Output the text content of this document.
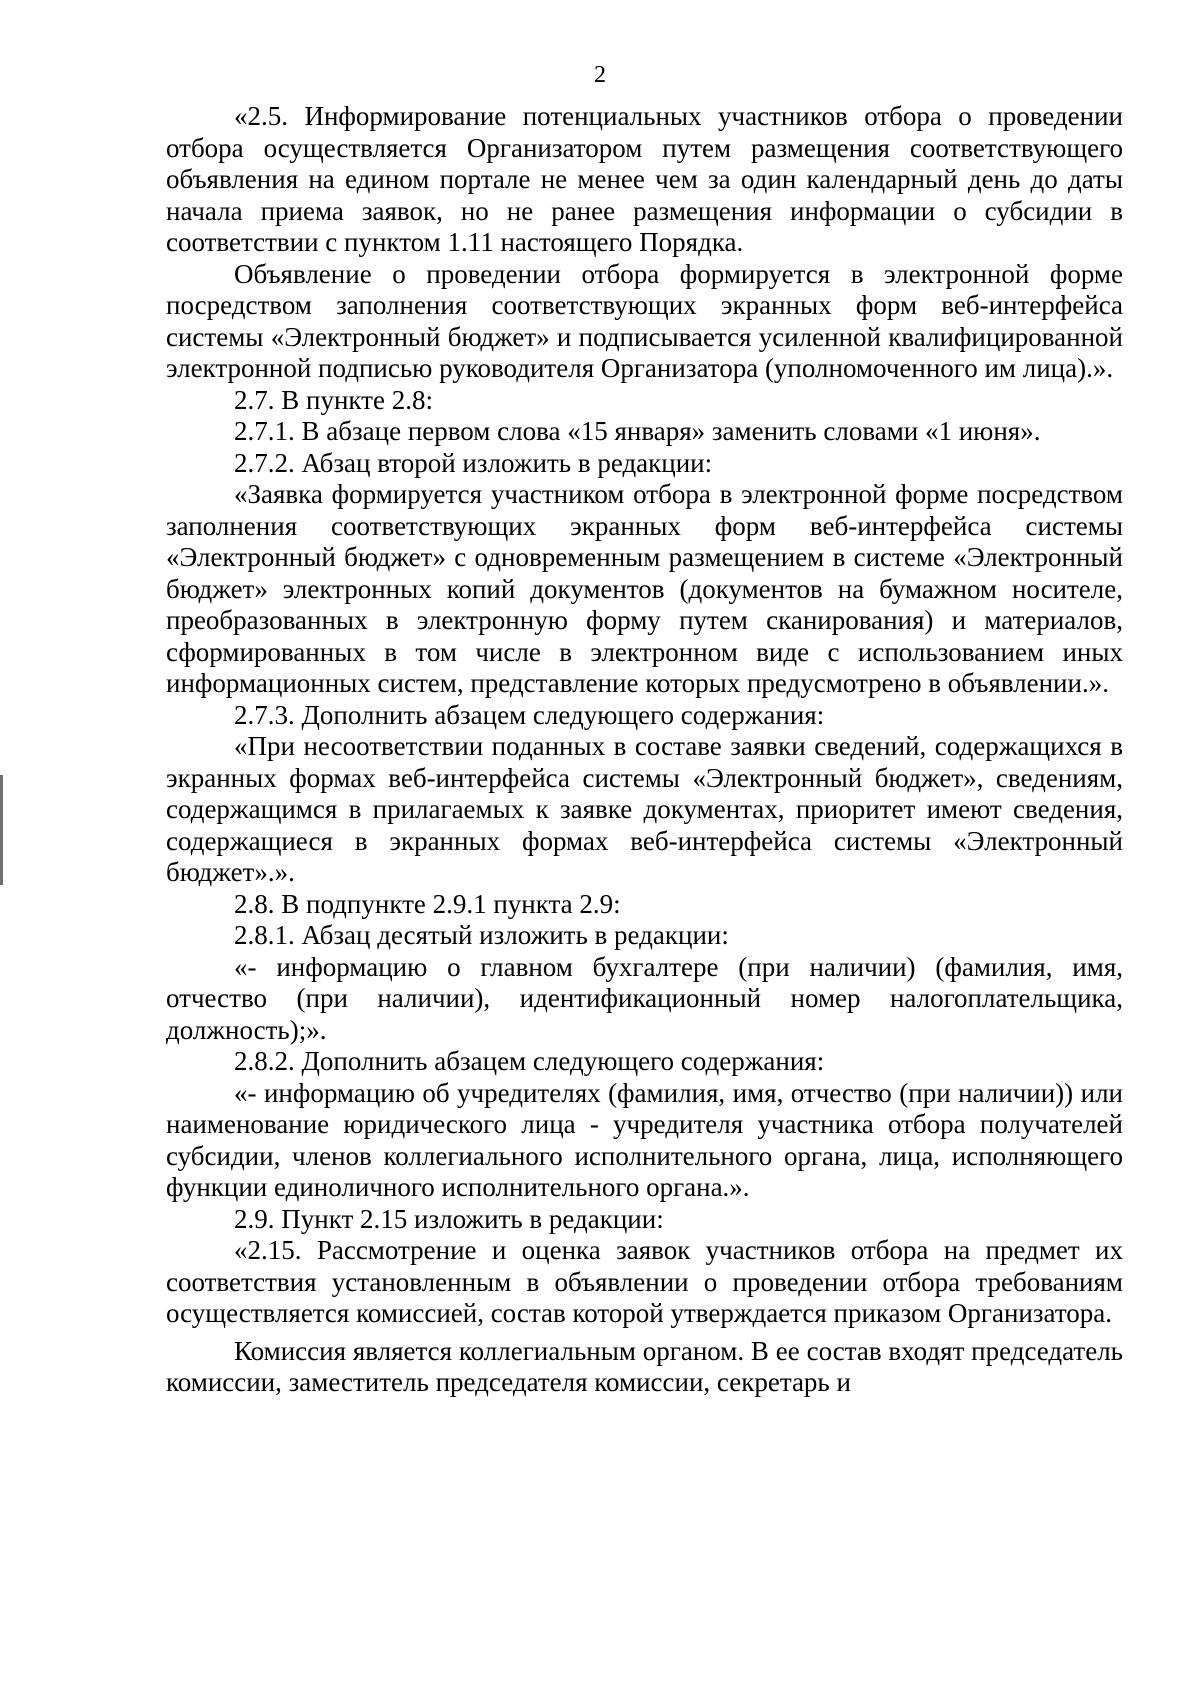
2

«2.5. Информирование потенциальных участников отбора о проведении отбора осуществляется Организатором путем размещения соответствующего объявления на едином портале не менее чем за один календарный день до даты начала приема заявок, но не ранее размещения информации о субсидии в соответствии с пунктом 1.11 настоящего Порядка.

Объявление о проведении отбора формируется в электронной форме посредством заполнения соответствующих экранных форм веб-интерфейса системы «Электронный бюджет» и подписывается усиленной квалифицированной электронной подписью руководителя Организатора (уполномоченного им лица).».

2.7. В пункте 2.8:

2.7.1. В абзаце первом слова «15 января» заменить словами «1 июня».

2.7.2. Абзац второй изложить в редакции:

«Заявка формируется участником отбора в электронной форме посредством заполнения соответствующих экранных форм веб-интерфейса системы «Электронный бюджет» с одновременным размещением в системе «Электронный бюджет» электронных копий документов (документов на бумажном носителе, преобразованных в электронную форму путем сканирования) и материалов, сформированных в том числе в электронном виде с использованием иных информационных систем, представление которых предусмотрено в объявлении.».

2.7.3. Дополнить абзацем следующего содержания:

«При несоответствии поданных в составе заявки сведений, содержащихся в экранных формах веб-интерфейса системы «Электронный бюджет», сведениям, содержащимся в прилагаемых к заявке документах, приоритет имеют сведения, содержащиеся в экранных формах веб-интерфейса системы «Электронный бюджет».».

2.8. В подпункте 2.9.1 пункта 2.9:

2.8.1. Абзац десятый изложить в редакции:

«- информацию о главном бухгалтере (при наличии) (фамилия, имя, отчество (при наличии), идентификационный номер налогоплательщика, должность);».

2.8.2. Дополнить абзацем следующего содержания:

«- информацию об учредителях (фамилия, имя, отчество (при наличии)) или наименование юридического лица - учредителя участника отбора получателей субсидии, членов коллегиального исполнительного органа, лица, исполняющего функции единоличного исполнительного органа.».

2.9. Пункт 2.15 изложить в редакции:

«2.15. Рассмотрение и оценка заявок участников отбора на предмет их соответствия установленным в объявлении о проведении отбора требованиям осуществляется комиссией, состав которой утверждается приказом Организатора.

Комиссия является коллегиальным органом. В ее состав входят председатель комиссии, заместитель председателя комиссии, секретарь и
